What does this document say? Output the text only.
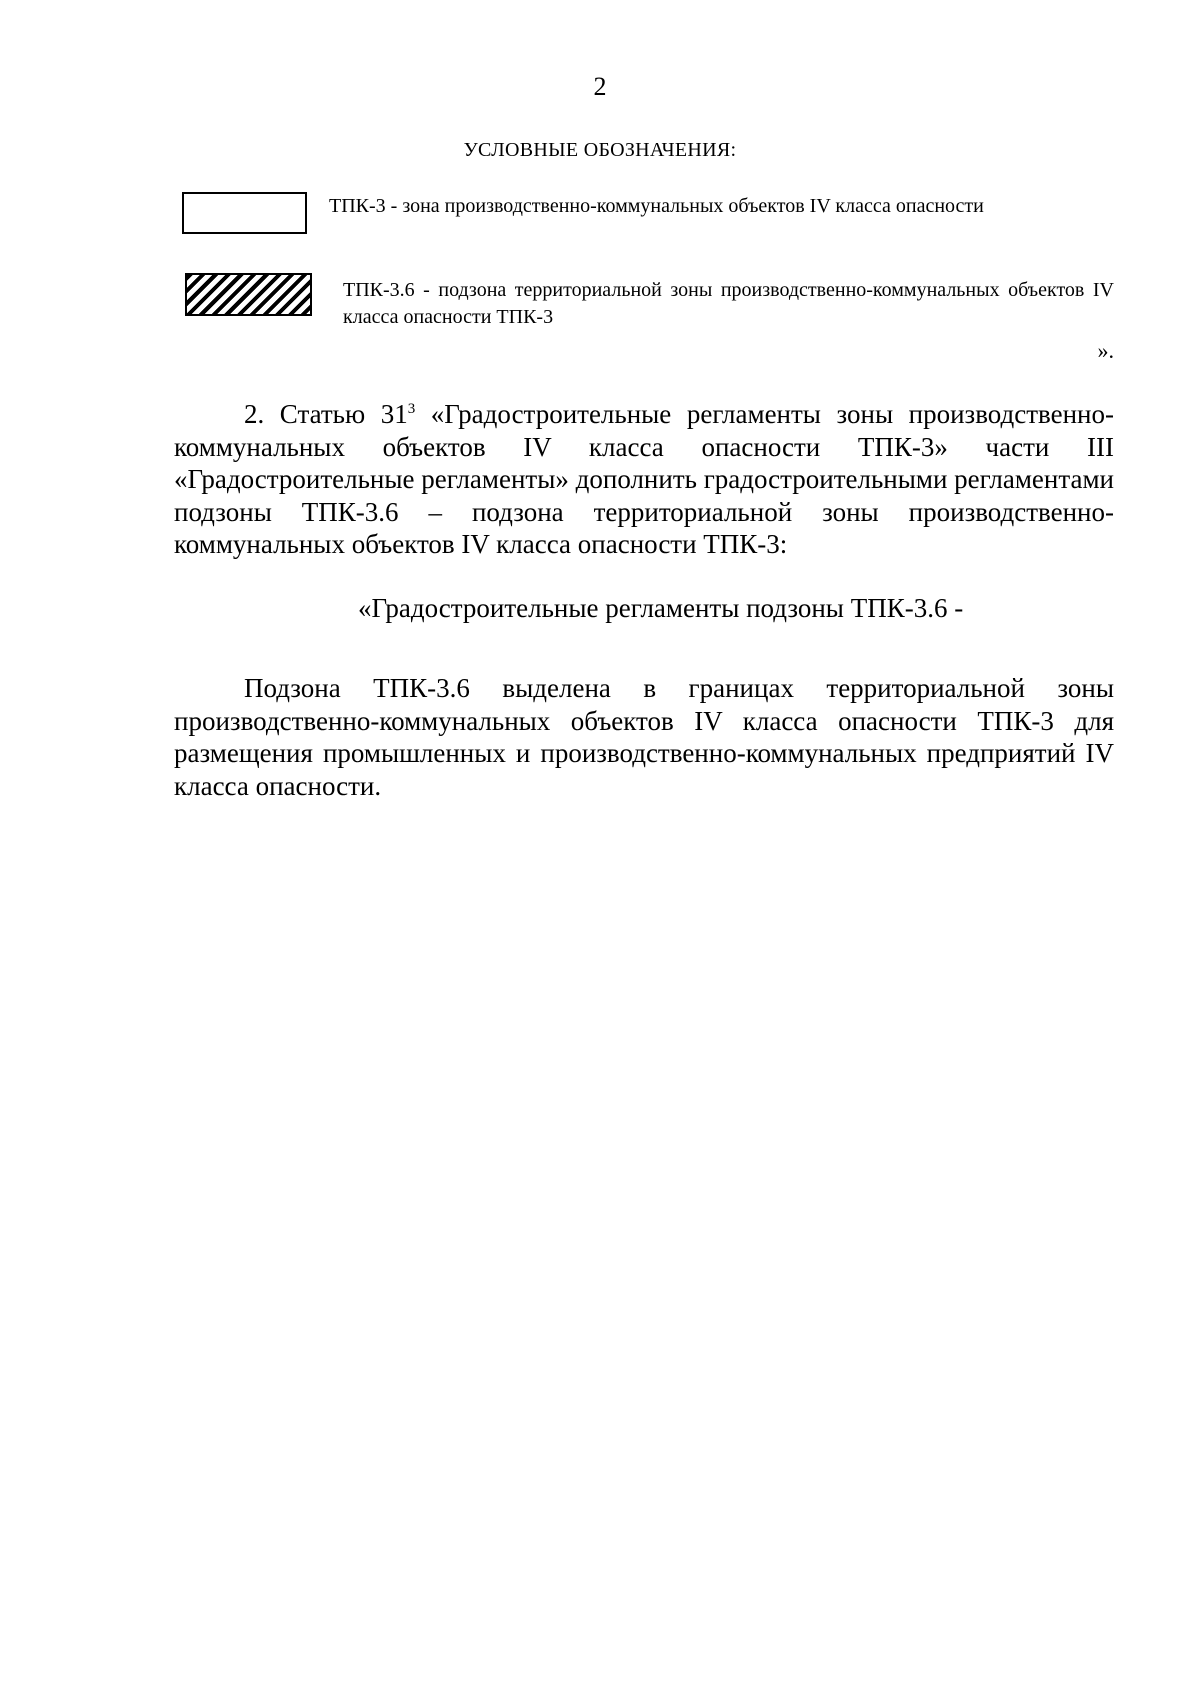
2
УСЛОВНЫЕ ОБОЗНАЧЕНИЯ:
ТПК-3 - зона производственно-коммунальных объектов IV класса опасности
ТПК-3.6 - подзона территориальной зоны производственно-коммунальных объектов IV класса опасности ТПК-3
».
2. Статью $31^3$ «Градостроительные регламенты зоны производственно-коммунальных объектов IV класса опасности ТПК-3» части III «Градостроительные регламенты» дополнить градостроительными регламентами подзоны ТПК-3.6 – подзона территориальной зоны производственно-коммунальных объектов IV класса опасности ТПК-3:
«Градостроительные регламенты подзоны ТПК-3.6 -
Подзона ТПК-3.6 выделена в границах территориальной зоны производственно-коммунальных объектов IV класса опасности ТПК-3 для размещения промышленных и производственно-коммунальных предприятий IV класса опасности.
